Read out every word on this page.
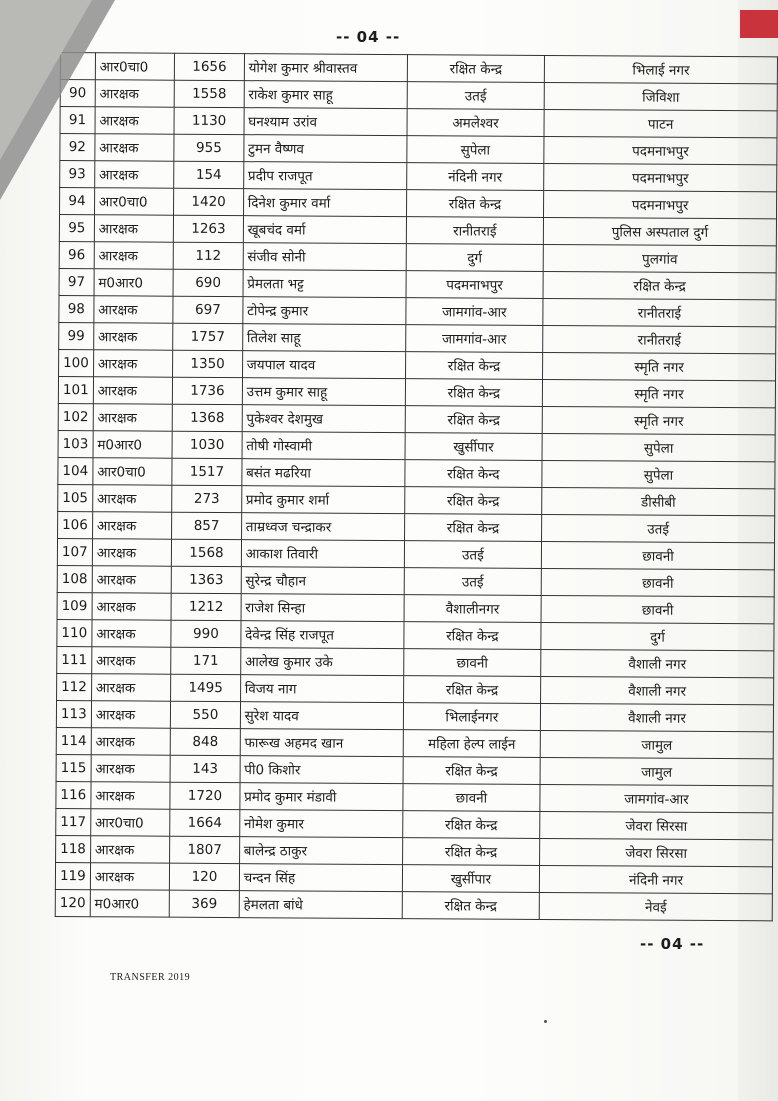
-- 04 --
	आर0चा0	1656	योगेश कुमार श्रीवास्तव	रक्षित केन्द्र	भिलाई नगर
90	आरक्षक	1558	राकेश कुमार साहू	उतई	जिविशा
91	आरक्षक	1130	घनश्याम उरांव	अमलेश्वर	पाटन
92	आरक्षक	955	टुमन वैष्णव	सुपेला	पदमनाभपुर
93	आरक्षक	154	प्रदीप राजपूत	नंदिनी नगर	पदमनाभपुर
94	आर0चा0	1420	दिनेश कुमार वर्मा	रक्षित केन्द्र	पदमनाभपुर
95	आरक्षक	1263	खूबचंद वर्मा	रानीतराई	पुलिस अस्पताल दुर्ग
96	आरक्षक	112	संजीव सोनी	दुर्ग	पुलगांव
97	म0आर0	690	प्रेमलता भट्ट	पदमनाभपुर	रक्षित केन्द्र
98	आरक्षक	697	टोपेन्द्र कुमार	जामगांव-आर	रानीतराई
99	आरक्षक	1757	तिलेश साहू	जामगांव-आर	रानीतराई
100	आरक्षक	1350	जयपाल यादव	रक्षित केन्द्र	स्मृति नगर
101	आरक्षक	1736	उत्तम कुमार साहू	रक्षित केन्द्र	स्मृति नगर
102	आरक्षक	1368	पुकेश्वर देशमुख	रक्षित केन्द्र	स्मृति नगर
103	म0आर0	1030	तोषी गोस्वामी	खुर्सीपार	सुपेला
104	आर0चा0	1517	बसंत मढरिया	रक्षित केन्द	सुपेला
105	आरक्षक	273	प्रमोद कुमार शर्मा	रक्षित केन्द्र	डीसीबी
106	आरक्षक	857	ताम्रध्वज चन्द्राकर	रक्षित केन्द्र	उतई
107	आरक्षक	1568	आकाश तिवारी	उतई	छावनी
108	आरक्षक	1363	सुरेन्द्र चौहान	उतई	छावनी
109	आरक्षक	1212	राजेश सिन्हा	वैशालीनगर	छावनी
110	आरक्षक	990	देवेन्द्र सिंह राजपूत	रक्षित केन्द्र	दुर्ग
111	आरक्षक	171	आलेख कुमार उके	छावनी	वैशाली नगर
112	आरक्षक	1495	विजय नाग	रक्षित केन्द्र	वैशाली नगर
113	आरक्षक	550	सुरेश यादव	भिलाईनगर	वैशाली नगर
114	आरक्षक	848	फारूख अहमद खान	महिला हेल्प लाईन	जामुल
115	आरक्षक	143	पी0 किशोर	रक्षित केन्द्र	जामुल
116	आरक्षक	1720	प्रमोद कुमार मंडावी	छावनी	जामगांव-आर
117	आर0चा0	1664	नोमेश कुमार	रक्षित केन्द्र	जेवरा सिरसा
118	आरक्षक	1807	बालेन्द्र ठाकुर	रक्षित केन्द्र	जेवरा सिरसा
119	आरक्षक	120	चन्दन सिंह	खुर्सीपार	नंदिनी नगर
120	म0आर0	369	हेमलता बांधे	रक्षित केन्द्र	नेवई
-- 04 --
TRANSFER 2019
